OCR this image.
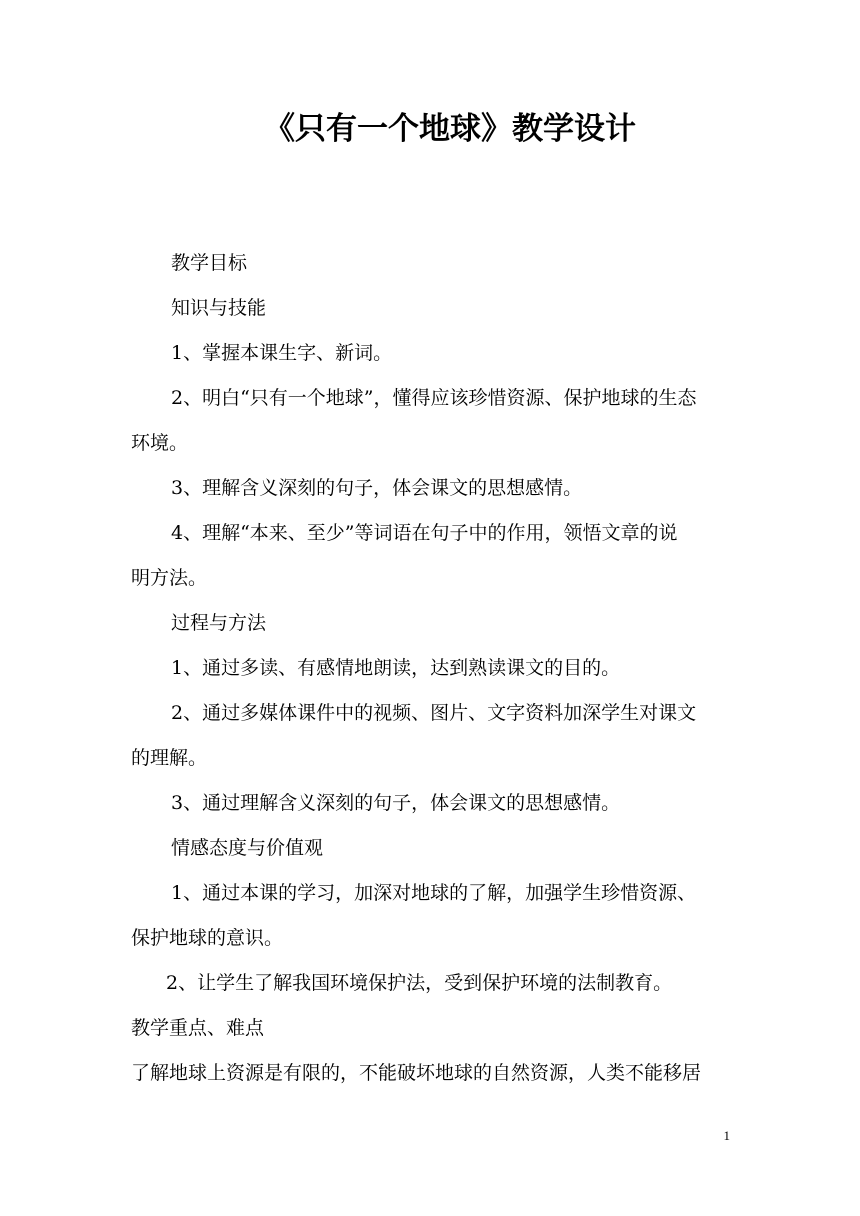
《只有一个地球》教学设计
教学目标
知识与技能
1、掌握本课生字、新词。
2、明白“只有一个地球”，懂得应该珍惜资源、保护地球的生态
环境。
3、理解含义深刻的句子，体会课文的思想感情。
4、理解“本来、至少”等词语在句子中的作用，领悟文章的说
明方法。
过程与方法
1、通过多读、有感情地朗读，达到熟读课文的目的。
2、通过多媒体课件中的视频、图片、文字资料加深学生对课文
的理解。
3、通过理解含义深刻的句子，体会课文的思想感情。
情感态度与价值观
1、通过本课的学习，加深对地球的了解，加强学生珍惜资源、
保护地球的意识。
2、让学生了解我国环境保护法，受到保护环境的法制教育。
教学重点、难点
了解地球上资源是有限的，不能破坏地球的自然资源，人类不能移居
1
